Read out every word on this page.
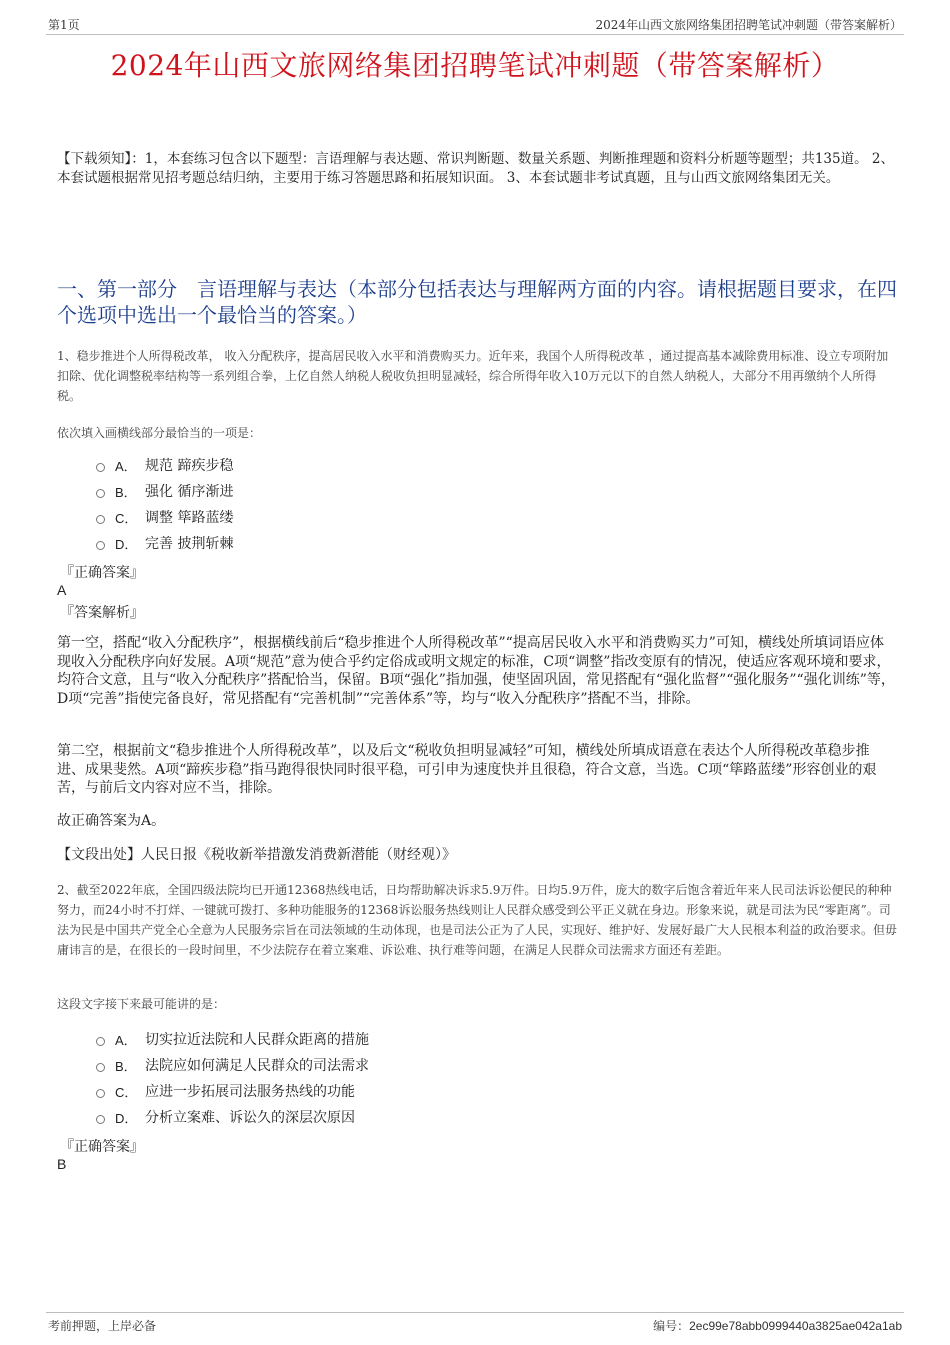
第1页	2024年山西文旅网络集团招聘笔试冲刺题（带答案解析）
2024年山西文旅网络集团招聘笔试冲刺题（带答案解析）
【下载须知】：1，本套练习包含以下题型：言语理解与表达题、常识判断题、数量关系题、判断推理题和资料分析题等题型；共135道。 2、本套试题根据常见招考题总结归纳，主要用于练习答题思路和拓展知识面。 3、本套试题非考试真题，且与山西文旅网络集团无关。
一、第一部分　言语理解与表达（本部分包括表达与理解两方面的内容。请根据题目要求，在四个选项中选出一个最恰当的答案。）
1、稳步推进个人所得税改革， 收入分配秩序，提高居民收入水平和消费购买力。近年来，我国个人所得税改革 ，通过提高基本减除费用标准、设立专项附加扣除、优化调整税率结构等一系列组合拳，上亿自然人纳税人税收负担明显减轻，综合所得年收入10万元以下的自然人纳税人，大部分不用再缴纳个人所得税。
依次填入画横线部分最恰当的一项是：
A． 规范 蹄疾步稳
B． 强化 循序渐进
C． 调整 筚路蓝缕
D． 完善 披荆斩棘
『正确答案』
A
『答案解析』
第一空，搭配“收入分配秩序”，根据横线前后“稳步推进个人所得税改革”“提高居民收入水平和消费购买力”可知，横线处所填词语应体现收入分配秩序向好发展。A项“规范”意为使合乎约定俗成或明文规定的标准，C项“调整”指改变原有的情况，使适应客观环境和要求，均符合文意，且与“收入分配秩序”搭配恰当，保留。B项“强化”指加强，使坚固巩固，常见搭配有“强化监督”“强化服务”“强化训练”等，D项“完善”指使完备良好，常见搭配有“完善机制”“完善体系”等，均与“收入分配秩序”搭配不当，排除。
第二空，根据前文“稳步推进个人所得税改革”，以及后文“税收负担明显减轻”可知，横线处所填成语意在表达个人所得税改革稳步推进、成果斐然。A项“蹄疾步稳”指马跑得很快同时很平稳，可引申为速度快并且很稳，符合文意，当选。C项“筚路蓝缕”形容创业的艰苦，与前后文内容对应不当，排除。
故正确答案为A。
【文段出处】人民日报《税收新举措激发消费新潜能（财经观）》
2、截至2022年底，全国四级法院均已开通12368热线电话，日均帮助解决诉求5.9万件。日均5.9万件，庞大的数字后饱含着近年来人民司法诉讼便民的种种努力，而24小时不打烊、一键就可拨打、多种功能服务的12368诉讼服务热线则让人民群众感受到公平正义就在身边。形象来说，就是司法为民“零距离”。司法为民是中国共产党全心全意为人民服务宗旨在司法领域的生动体现，也是司法公正为了人民，实现好、维护好、发展好最广大人民根本利益的政治要求。但毋庸讳言的是，在很长的一段时间里，不少法院存在着立案难、诉讼难、执行难等问题，在满足人民群众司法需求方面还有差距。
这段文字接下来最可能讲的是：
A． 切实拉近法院和人民群众距离的措施
B． 法院应如何满足人民群众的司法需求
C． 应进一步拓展司法服务热线的功能
D． 分析立案难、诉讼久的深层次原因
『正确答案』
B
考前押题，上岸必备	编号：2ec99e78abb0999440a3825ae042a1ab
